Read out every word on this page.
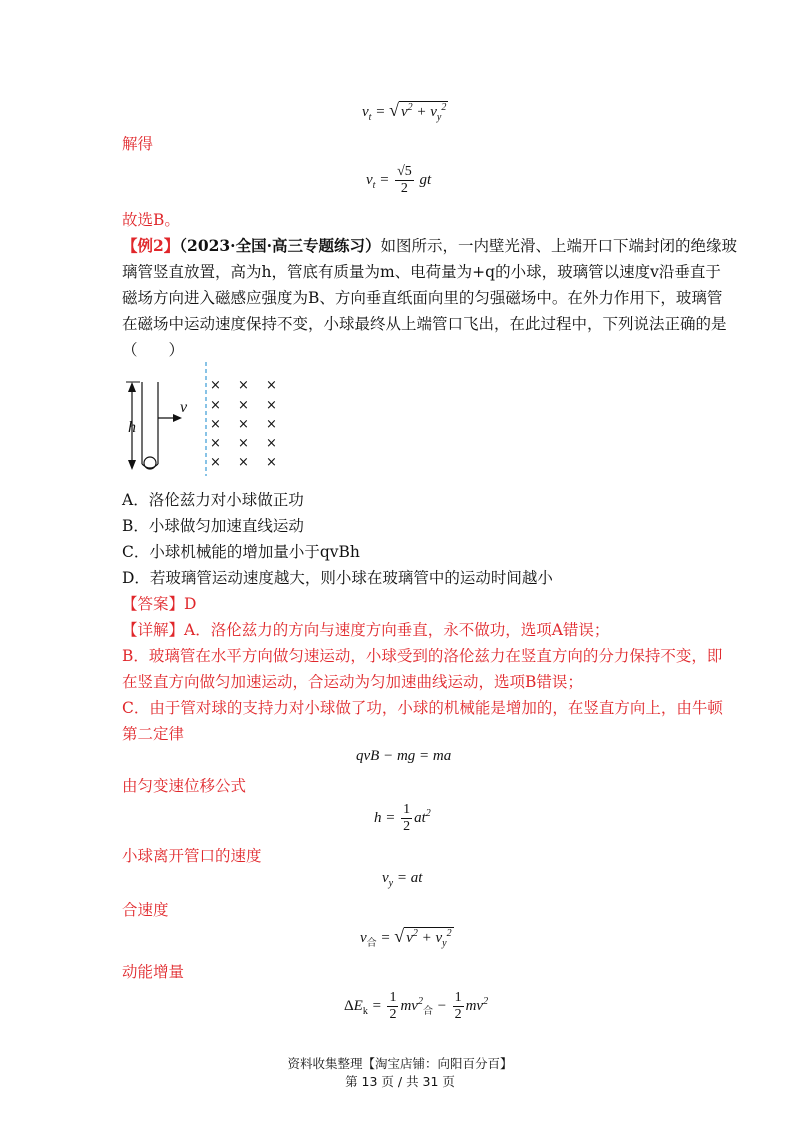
$v_t$ = √ $v^2 + v_y^2$
解得
$v_t = \frac{√5}{2}$ gt
故选B。
【例2】（2023·全国·高三专题练习）如图所示，一内壁光滑、上端开口下端封闭的绝缘玻
璃管竖直放置，高为h，管底有质量为m、电荷量为+q的小球，玻璃管以速度v沿垂直于
磁场方向进入磁感应强度为B、方向垂直纸面向里的匀强磁场中。在外力作用下，玻璃管
在磁场中运动速度保持不变，小球最终从上端管口飞出，在此过程中，下列说法正确的是
（　　）
h
v
× × ×
× × ×
× × ×
× × ×
× × ×
A．洛伦兹力对小球做正功
B．小球做匀加速直线运动
C．小球机械能的增加量小于qvBh
D．若玻璃管运动速度越大，则小球在玻璃管中的运动时间越小
【答案】D
【详解】A．洛伦兹力的方向与速度方向垂直，永不做功，选项A错误；
B．玻璃管在水平方向做匀速运动，小球受到的洛伦兹力在竖直方向的分力保持不变，即
在竖直方向做匀加速运动，合运动为匀加速曲线运动，选项B错误；
C．由于管对球的支持力对小球做了功，小球的机械能是增加的，在竖直方向上，由牛顿
第二定律
qvB − mg = ma
由匀变速位移公式
$h = \frac{1}{2} at^2$
小球离开管口的速度
$v_y$ = at
合速度
$v_合$ = √ $v^2 + v_y^2$
动能增量
$\Delta E_k = \frac{1}{2} mv^2_合 - \frac{1}{2} mv^2$
资料收集整理【淘宝店铺：向阳百分百】
第 13 页 / 共 31 页
